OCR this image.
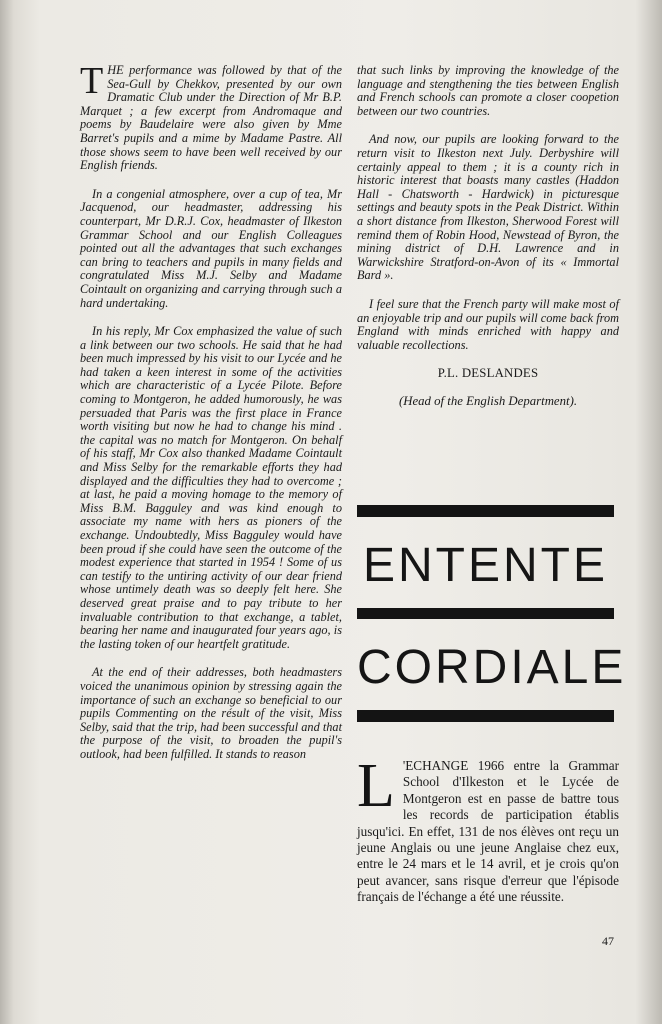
THE performance was followed by that of the Sea-Gull by Chekkov, presented by our own Dramatic Club under the Direction of Mr B.P. Marquet ; a few excerpt from Andromaque and poems by Baudelaire were also given by Mme Barret's pupils and a mime by Madame Pastre. All those shows seem to have been well received by our English friends.

In a congenial atmosphere, over a cup of tea, Mr Jacquenod, our headmaster, addressing his counterpart, Mr D.R.J. Cox, headmaster of Ilkeston Grammar School and our English Colleagues pointed out all the advantages that such exchanges can bring to teachers and pupils in many fields and congratulated Miss M.J. Selby and Madame Cointault on organizing and carrying through such a hard undertaking.

In his reply, Mr Cox emphasized the value of such a link between our two schools. He said that he had been much impressed by his visit to our Lycée and he had taken a keen interest in some of the activities which are characteristic of a Lycée Pilote. Before coming to Montgeron, he added humorously, he was persuaded that Paris was the first place in France worth visiting but now he had to change his mind . the capital was no match for Montgeron. On behalf of his staff, Mr Cox also thanked Madame Cointault and Miss Selby for the remarkable efforts they had displayed and the difficulties they had to overcome ; at last, he paid a moving homage to the memory of Miss B.M. Bagguley and was kind enough to associate my name with hers as pioners of the exchange. Undoubtedly, Miss Bagguley would have been proud if she could have seen the outcome of the modest experience that started in 1954 ! Some of us can testify to the untiring activity of our dear friend whose untimely death was so deeply felt here. She deserved great praise and to pay tribute to her invaluable contribution to that exchange, a tablet, bearing her name and inaugurated four years ago, is the lasting token of our heartfelt gratitude.

At the end of their addresses, both headmasters voiced the unanimous opinion by stressing again the importance of such an exchange so beneficial to our pupils Commenting on the résult of the visit, Miss Selby, said that the trip, had been successful and that the purpose of the visit, to broaden the pupil's outlook, had been fulfilled. It stands to reason

that such links by improving the knowledge of the language and stengthening the ties between English and French schools can promote a closer coopetion between our two countries.

And now, our pupils are looking forward to the return visit to Ilkeston next July. Derbyshire will certainly appeal to them ; it is a county rich in historic interest that boasts many castles (Haddon Hall - Chatsworth - Hardwick) in picturesque settings and beauty spots in the Peak District. Within a short distance from Ilkeston, Sherwood Forest will remind them of Robin Hood, Newstead of Byron, the mining district of D.H. Lawrence and in Warwickshire Stratford-on-Avon of its « Immortal Bard ».

I feel sure that the French party will make most of an enjoyable trip and our pupils will come back from England with minds enriched with happy and valuable recollections.

P.L. DESLANDES
(Head of the English Department).
ENTENTE
CORDIALE
L 'ECHANGE 1966 entre la Grammar School d'Ilkeston et le Lycée de Montgeron est en passe de battre tous les records de participation établis jusqu'ici. En effet, 131 de nos élèves ont reçu un jeune Anglais ou une jeune Anglaise chez eux, entre le 24 mars et le 14 avril, et je crois qu'on peut avancer, sans risque d'erreur que l'épisode français de l'échange a été une réussite.
47
